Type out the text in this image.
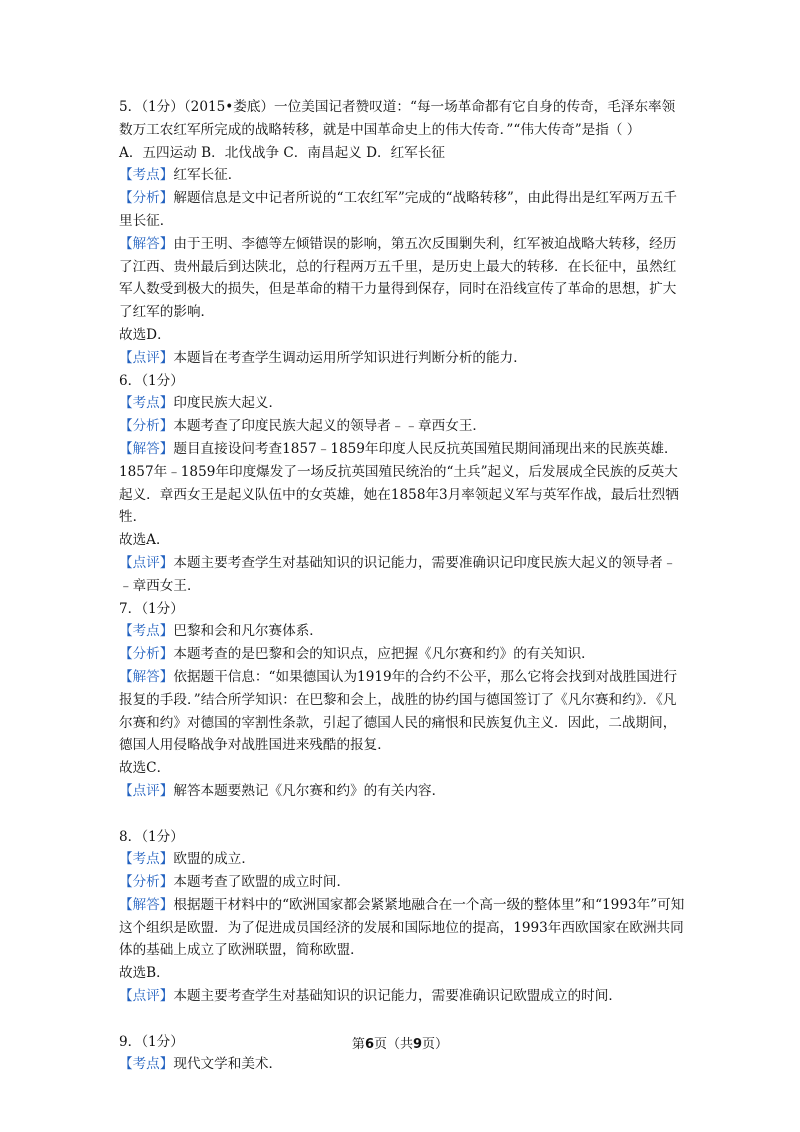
5．（1分）（2015•娄底）一位美国记者赞叹道：“每一场革命都有它自身的传奇，毛泽东率领数万工农红军所完成的战略转移，就是中国革命史上的伟大传奇．”“伟大传奇”是指（ ）

A．五四运动 B．北伐战争 C．南昌起义 D．红军长征

【考点】红军长征．

【分析】解题信息是文中记者所说的“工农红军”完成的“战略转移”，由此得出是红军两万五千里长征．

【解答】由于王明、李德等左倾错误的影响，第五次反围剿失利，红军被迫战略大转移，经历了江西、贵州最后到达陕北，总的行程两万五千里，是历史上最大的转移．在长征中，虽然红军人数受到极大的损失，但是革命的精干力量得到保存，同时在沿线宣传了革命的思想，扩大了红军的影响．

故选D．

【点评】本题旨在考查学生调动运用所学知识进行判断分析的能力．

6．（1分）

【考点】印度民族大起义．

【分析】本题考查了印度民族大起义的领导者﹣﹣章西女王．

【解答】题目直接设问考查1857﹣1859年印度人民反抗英国殖民期间涌现出来的民族英雄．1857年﹣1859年印度爆发了一场反抗英国殖民统治的“土兵”起义，后发展成全民族的反英大起义．章西女王是起义队伍中的女英雄，她在1858年3月率领起义军与英军作战，最后壮烈牺牲．

故选A．

【点评】本题主要考查学生对基础知识的识记能力，需要准确识记印度民族大起义的领导者﹣﹣章西女王．

7．（1分）

【考点】巴黎和会和凡尔赛体系．

【分析】本题考查的是巴黎和会的知识点，应把握《凡尔赛和约》的有关知识．

【解答】依据题干信息：“如果德国认为1919年的合约不公平，那么它将会找到对战胜国进行报复的手段．”结合所学知识：在巴黎和会上，战胜的协约国与德国签订了《凡尔赛和约》．《凡尔赛和约》对德国的宰割性条款，引起了德国人民的痛恨和民族复仇主义．因此，二战期间，德国人用侵略战争对战胜国进来残酷的报复．

故选C．

【点评】解答本题要熟记《凡尔赛和约》的有关内容．

8．（1分）

【考点】欧盟的成立．

【分析】本题考查了欧盟的成立时间．

【解答】根据题干材料中的“欧洲国家都会紧紧地融合在一个高一级的整体里”和“1993年”可知这个组织是欧盟．为了促进成员国经济的发展和国际地位的提高，1993年西欧国家在欧洲共同体的基础上成立了欧洲联盟，简称欧盟．

故选B．

【点评】本题主要考查学生对基础知识的识记能力，需要准确识记欧盟成立的时间．

9．（1分）

【考点】现代文学和美术．

第6页（共9页）
